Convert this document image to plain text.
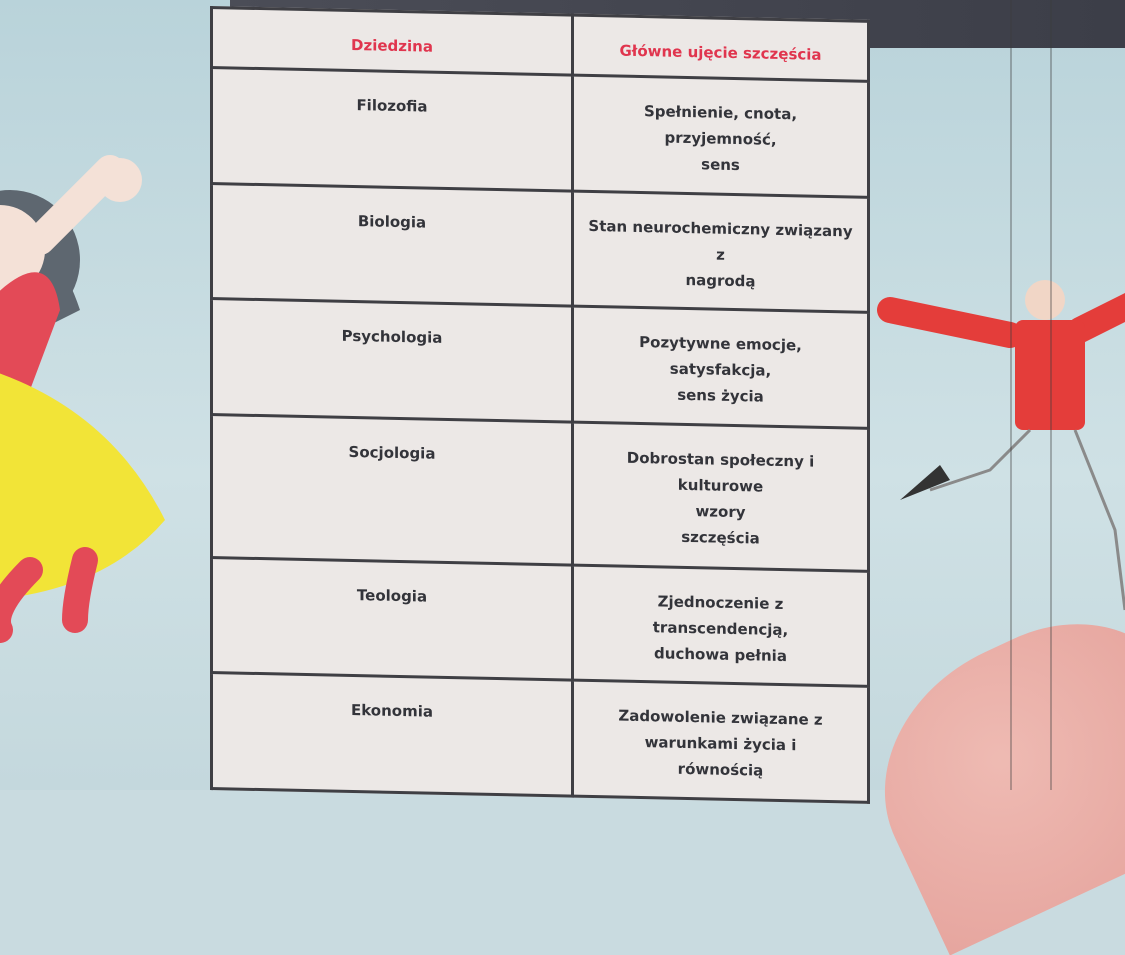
Dziedzina	Główne ujęcie szczęścia
Filozofia	Spełnienie, cnota, przyjemność,
sens

Biologia	Stan neurochemiczny związany z
nagrodą

Psychologia	Pozytywne emocje, satysfakcja,
sens życia

Socjologia	Dobrostan społeczny i kulturowe
wzory
szczęścia

Teologia	Zjednoczenie z transcendencją,
duchowa pełnia

Ekonomia	Zadowolenie związane z
warunkami życia i
równością
